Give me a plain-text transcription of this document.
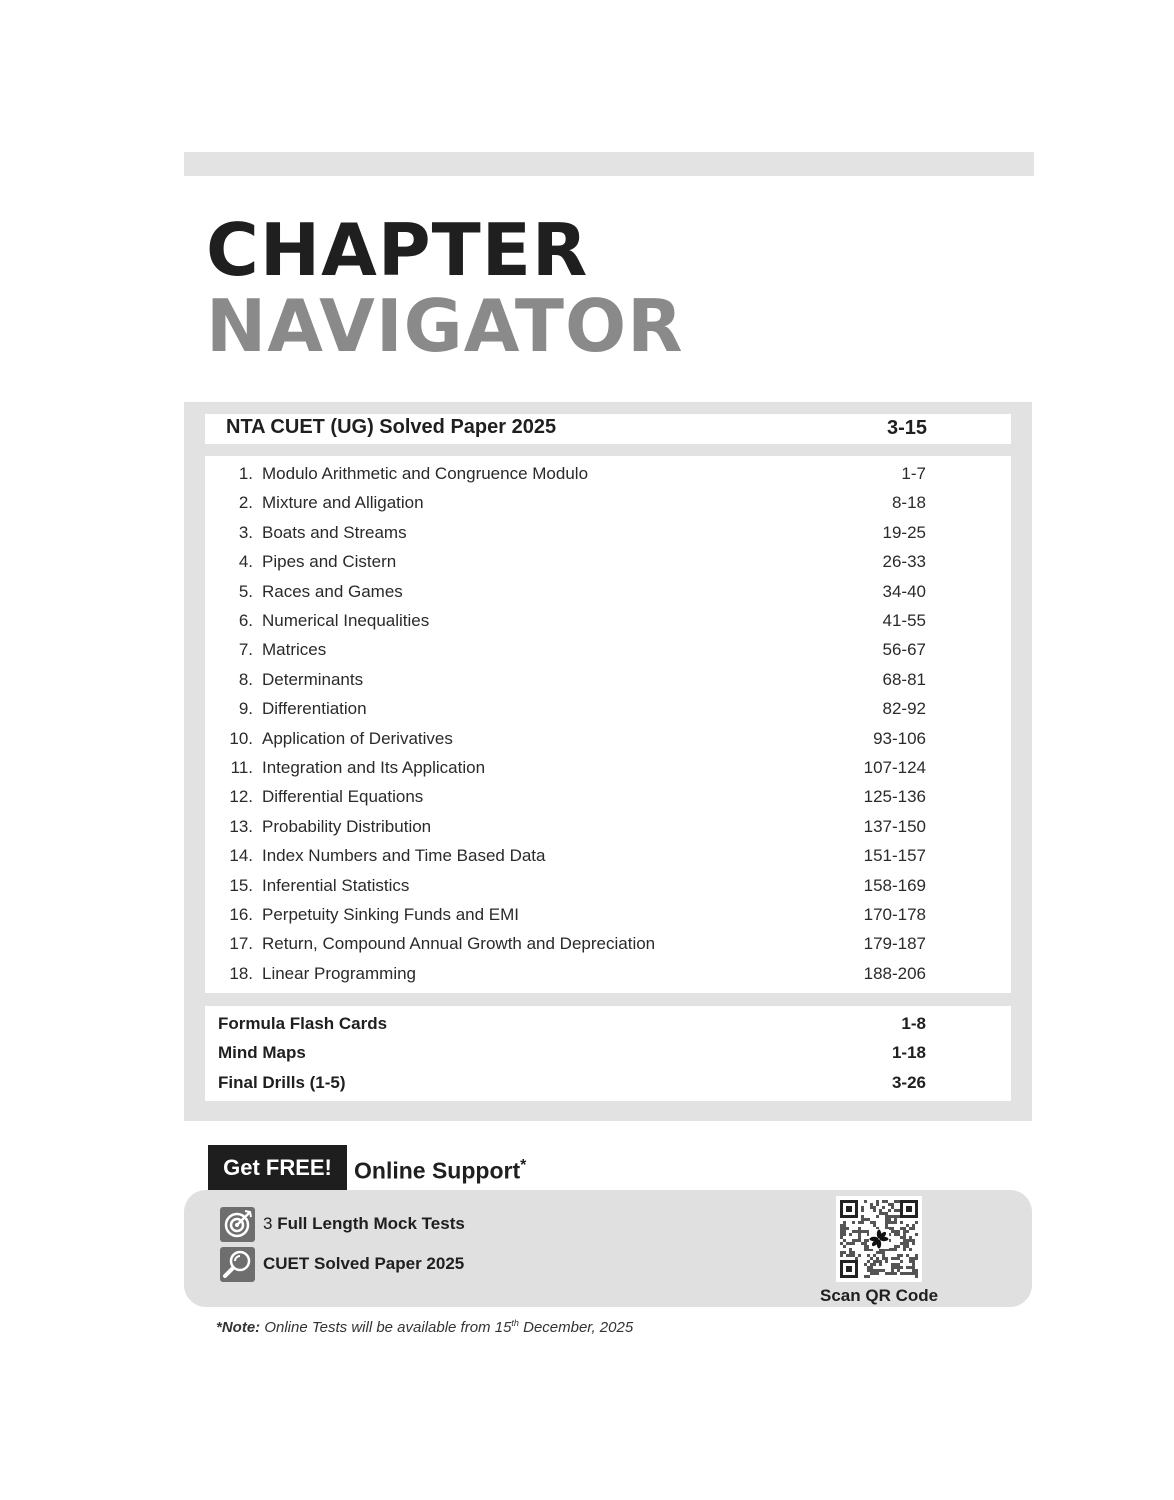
CHAPTER
NAVIGATOR
NTA CUET (UG) Solved Paper 2025	3-15
1. Modulo Arithmetic and Congruence Modulo	1-7
2. Mixture and Alligation	8-18
3. Boats and Streams	19-25
4. Pipes and Cistern	26-33
5. Races and Games	34-40
6. Numerical Inequalities	41-55
7. Matrices	56-67
8. Determinants	68-81
9. Differentiation	82-92
10. Application of Derivatives	93-106
11. Integration and Its Application	107-124
12. Differential Equations	125-136
13. Probability Distribution	137-150
14. Index Numbers and Time Based Data	151-157
15. Inferential Statistics	158-169
16. Perpetuity Sinking Funds and EMI	170-178
17. Return, Compound Annual Growth and Depreciation	179-187
18. Linear Programming	188-206
Formula Flash Cards	1-8
Mind Maps	1-18
Final Drills (1-5)	3-26
Get FREE! Online Support*
3 Full Length Mock Tests
CUET Solved Paper 2025
Scan QR Code
*Note: Online Tests will be available from 15th December, 2025
